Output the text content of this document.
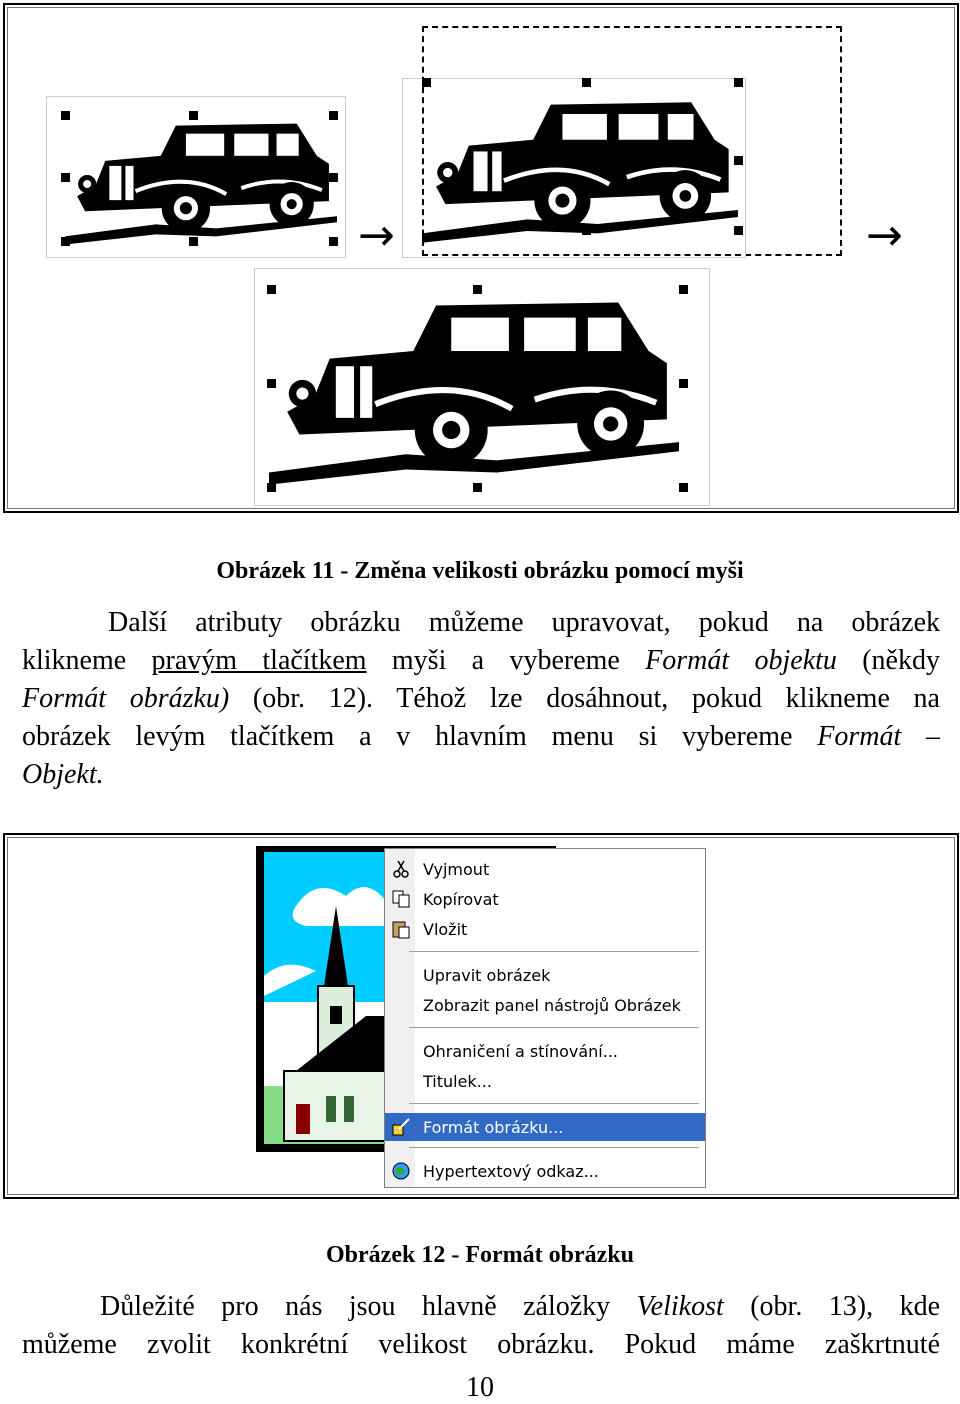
→	→
Obrázek 11 - Změna velikosti obrázku pomocí myši
Další atributy obrázku můžeme upravovat, pokud na obrázek
klikneme pravým tlačítkem myši a vybereme Formát objektu (někdy
Formát obrázku) (obr. 12). Téhož lze dosáhnout, pokud klikneme na
obrázek levým tlačítkem a v hlavním menu si vybereme Formát –
Objekt.
Vyjmout
Kopírovat
Vložit
Upravit obrázek
Zobrazit panel nástrojů Obrázek
Ohraničení a stínování...
Titulek...
Formát obrázku...
Hypertextový odkaz...
Obrázek 12 - Formát obrázku
Důležité pro nás jsou hlavně záložky Velikost (obr. 13), kde
můžeme zvolit konkrétní velikost obrázku. Pokud máme zaškrtnuté
10
